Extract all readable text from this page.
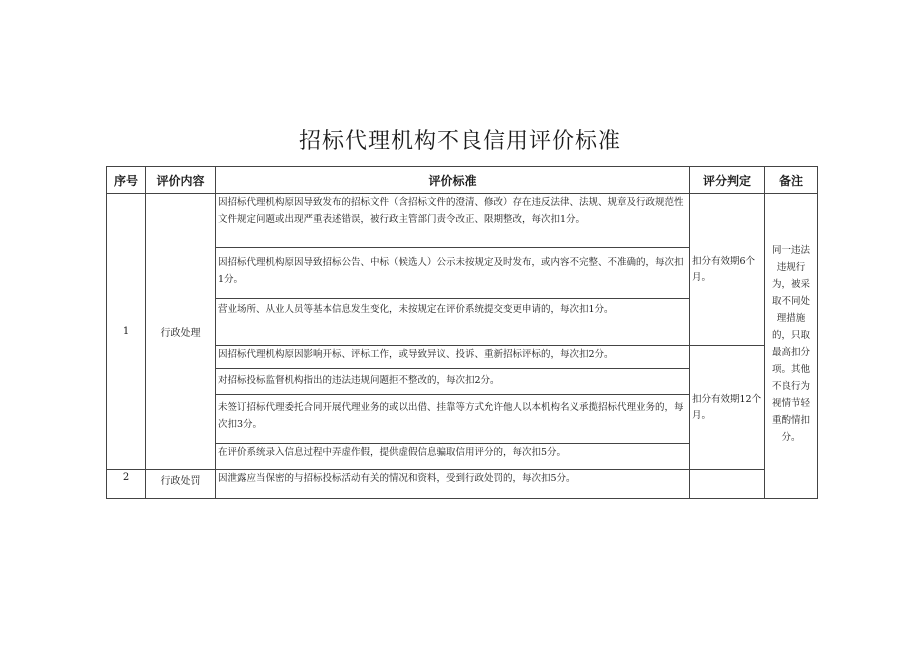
招标代理机构不良信用评价标准
序号	评价内容	评价标准	评分判定	备注
1	行政处理	因招标代理机构原因导致发布的招标文件（含招标文件的澄清、修改）存在违反法律、法规、规章及行政规范性文件规定问题或出现严重表述错误，被行政主管部门责令改正、限期整改，每次扣1分。	扣分有效期6个月。	同一违法违规行为，被采取不同处理措施的，只取最高扣分项。其他不良行为视情节轻重酌情扣分。

		因招标代理机构原因导致招标公告、中标（候选人）公示未按规定及时发布，或内容不完整、不准确的，每次扣1分。		
		营业场所、从业人员等基本信息发生变化，未按规定在评价系统提交变更申请的，每次扣1分。		
		因招标代理机构原因影响开标、评标工作，或导致异议、投诉、重新招标评标的，每次扣2分。	扣分有效期12个月。	
		对招标投标监督机构指出的违法违规问题拒不整改的，每次扣2分。		
		未签订招标代理委托合同开展代理业务的或以出借、挂靠等方式允许他人以本机构名义承揽招标代理业务的，每次扣3分。		
		在评价系统录入信息过程中弄虚作假，提供虚假信息骗取信用评分的，每次扣5分。		
2	行政处罚	因泄露应当保密的与招标投标活动有关的情况和资料，受到行政处罚的，每次扣5分。		
